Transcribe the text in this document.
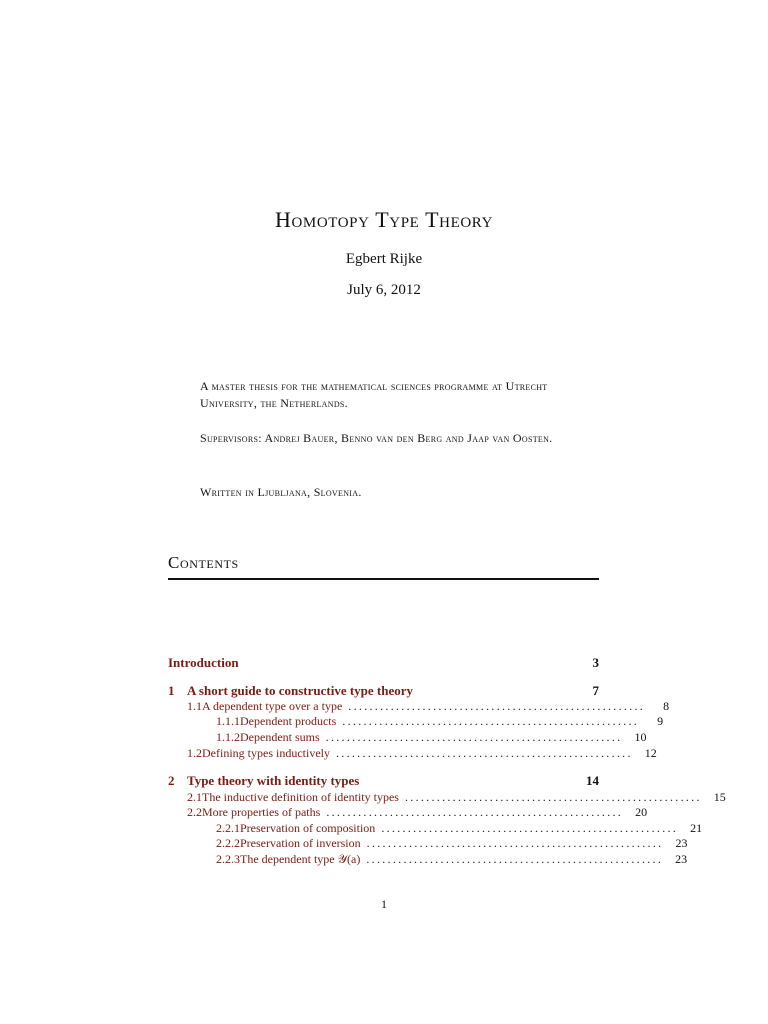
Homotopy Type Theory
Egbert Rijke
July 6, 2012
A master thesis for the mathematical sciences programme at Utrecht University, the Netherlands.
Supervisors: Andrej Bauer, Benno van den Berg and Jaap van Oosten.
Written in Ljubljana, Slovenia.
Contents
Introduction	3
1 A short guide to constructive type theory	7
1.1 A dependent type over a type ........................................................	8
1.1.1 Dependent products ........................................................	9
1.1.2 Dependent sums ........................................................	10
1.2 Defining types inductively ........................................................	12
2 Type theory with identity types	14
2.1 The inductive definition of identity types ........................................................	15
2.2 More properties of paths ........................................................	20
2.2.1 Preservation of composition ........................................................	21
2.2.2 Preservation of inversion ........................................................	23
2.2.3 The dependent type 𝒴(a) ........................................................	23
1
